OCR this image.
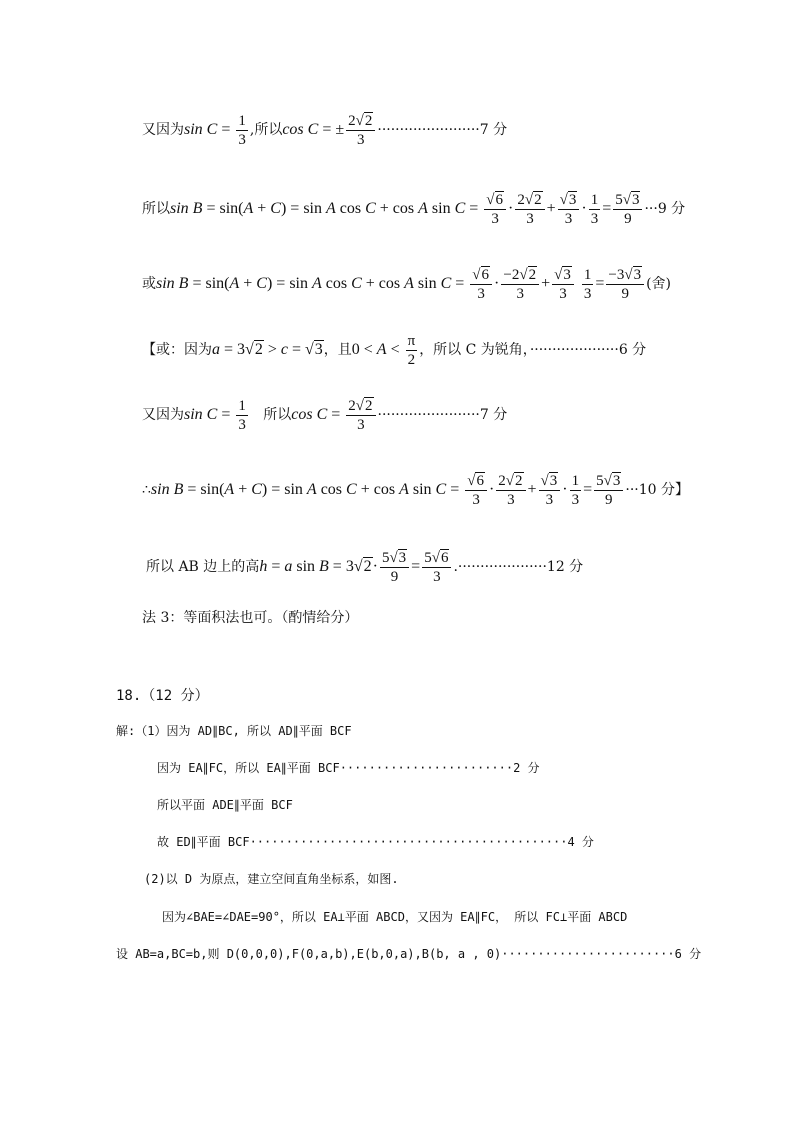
又因为$\sin C = \frac{1}{3}$ ,所以cos C = ± $\frac{2√2}{3} \cdot\cdot\cdot\cdot\cdot\cdot\cdot\cdot\cdot\cdot\cdot\cdot\cdot\cdot\cdot\cdot\cdot\cdot\cdot\cdot\cdot\cdot\cdot 7$ 分
所以sin B = sin(A + C) = sin A cos C + cos A $\sin C = \frac{√6}{3} \cdot \frac{2√2}{3} + \frac{√3}{3} \cdot \frac{1}{3} = \frac{5√3}{9} \cdot\cdot\cdot 9$ 分
或sin B = sin(A + C) = sin A cos C + cos A $\sin C = \frac{√6}{3} \cdot \frac{-2√2}{3} + \frac{√3}{3}$
$\frac{1}{3} = \frac{-3√3}{9}$ (舍)
【或：因为a = 3√2 > c = √3，且$0 < A < \frac{\pi}{2}$ ，所以 C 为锐角，····················6 分
又因为$\sin C = \frac{1}{3}$ 所以$\cos C = \frac{2√2}{3} \cdot\cdot\cdot\cdot\cdot\cdot\cdot\cdot\cdot\cdot\cdot\cdot\cdot\cdot\cdot\cdot\cdot\cdot\cdot\cdot\cdot\cdot\cdot 7$ 分
∴sin B = sin(A + C) = sin A cos C + cos A $\sin C = \frac{√6}{3} \cdot \frac{2√2}{3} + \frac{√3}{3} \cdot \frac{1}{3} = \frac{5√3}{9} \cdot\cdot\cdot 10$ 分】
所以 AB 边上的高h = a $\sin B = 3√2\cdot \frac{5√3}{9} = \frac{5√6}{3} .\cdot\cdot\cdot\cdot\cdot\cdot\cdot\cdot\cdot\cdot\cdot\cdot\cdot\cdot\cdot\cdot\cdot\cdot\cdot\cdot 12$ 分
法 3：等面积法也可。（酌情给分）
18.（12 分）
解:（1）因为 AD∥BC, 所以 AD∥平面 BCF
因为 EA∥FC，所以 EA∥平面 BCF························2 分
所以平面 ADE∥平面 BCF
故 ED∥平面 BCF············································4 分
(2)以 D 为原点，建立空间直角坐标系，如图.
因为∠BAE=∠DAE=90°，所以 EA⊥平面 ABCD，又因为 EA∥FC， 所以 FC⊥平面 ABCD
设 AB=a,BC=b,则 D(0,0,0),F(0,a,b),E(b,0,a),B(b, a , 0)························6 分
